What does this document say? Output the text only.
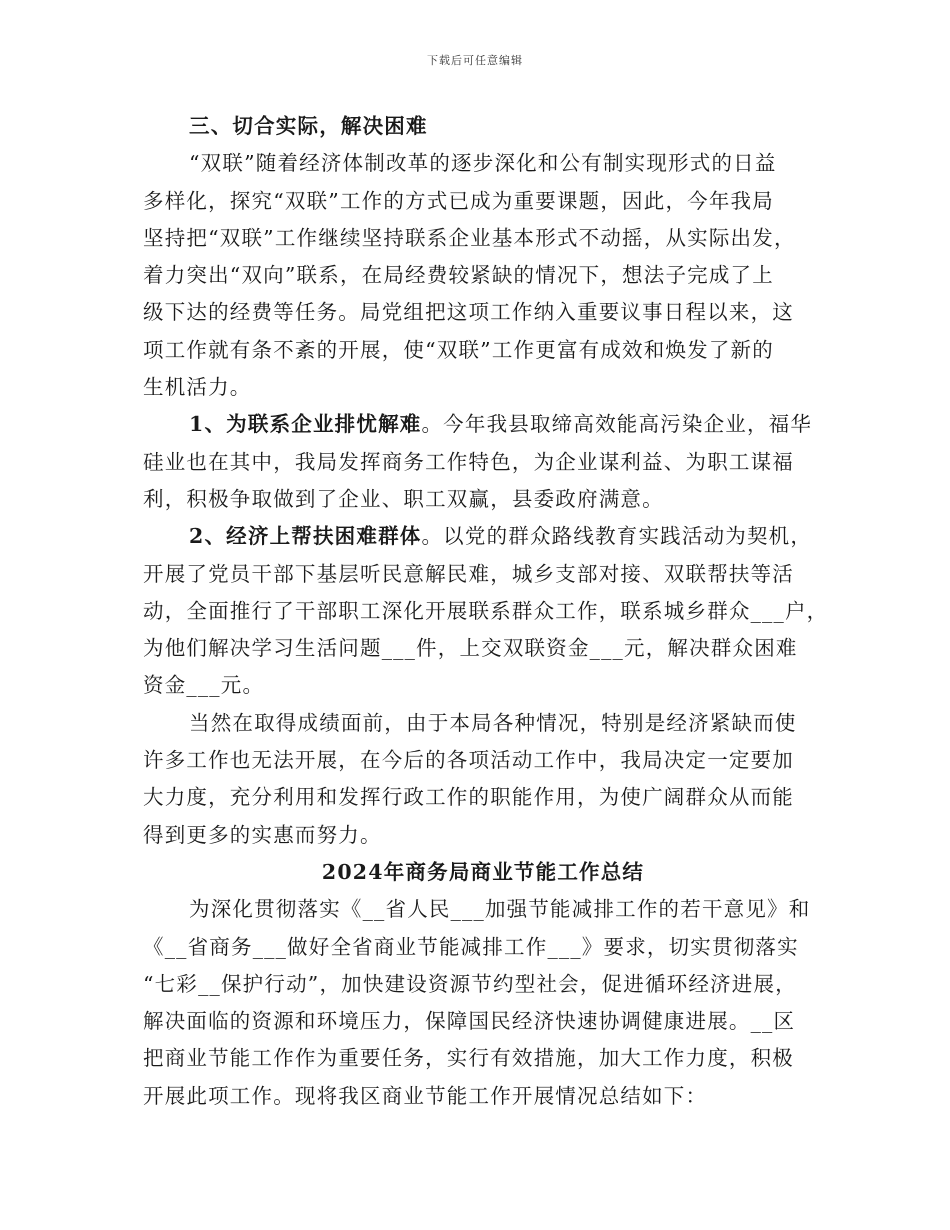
下载后可任意编辑
三、切合实际，解决困难
“双联”随着经济体制改革的逐步深化和公有制实现形式的日益
多样化，探究“双联”工作的方式已成为重要课题，因此，今年我局
坚持把“双联”工作继续坚持联系企业基本形式不动摇，从实际出发，
着力突出“双向”联系，在局经费较紧缺的情况下，想法子完成了上
级下达的经费等任务。局党组把这项工作纳入重要议事日程以来，这
项工作就有条不紊的开展，使“双联”工作更富有成效和焕发了新的
生机活力。
1、为联系企业排忧解难。今年我县取缔高效能高污染企业，福华
硅业也在其中，我局发挥商务工作特色，为企业谋利益、为职工谋福
利，积极争取做到了企业、职工双赢，县委政府满意。
2、经济上帮扶困难群体。以党的群众路线教育实践活动为契机，
开展了党员干部下基层听民意解民难，城乡支部对接、双联帮扶等活
动，全面推行了干部职工深化开展联系群众工作，联系城乡群众___户，
为他们解决学习生活问题___件，上交双联资金___元，解决群众困难
资金___元。
当然在取得成绩面前，由于本局各种情况，特别是经济紧缺而使
许多工作也无法开展，在今后的各项活动工作中，我局决定一定要加
大力度，充分利用和发挥行政工作的职能作用，为使广阔群众从而能
得到更多的实惠而努力。
2024年商务局商业节能工作总结
为深化贯彻落实《__省人民___加强节能减排工作的若干意见》和
《__省商务___做好全省商业节能减排工作___》要求，切实贯彻落实
“七彩__保护行动”，加快建设资源节约型社会，促进循环经济进展，
解决面临的资源和环境压力，保障国民经济快速协调健康进展。__区
把商业节能工作作为重要任务，实行有效措施，加大工作力度，积极
开展此项工作。现将我区商业节能工作开展情况总结如下：
